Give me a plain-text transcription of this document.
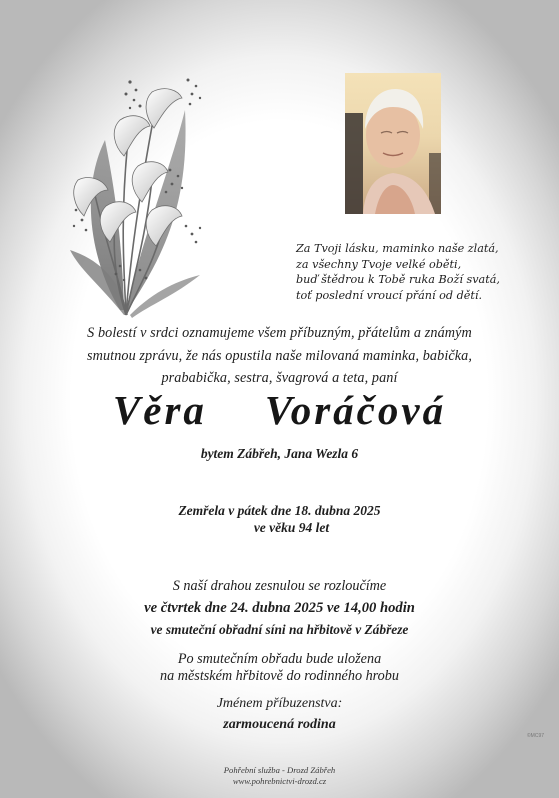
Za Tvoji lásku, maminko naše zlatá,
za všechny Tvoje velké oběti,
buď štědrou k Tobě ruka Boží svatá,
toť poslední vroucí přání od dětí.
S bolestí v srdci oznamujeme všem příbuzným, přátelům a známým
smutnou zprávu, že nás opustila naše milovaná maminka, babička,
prababička, sestra, švagrová a teta, paní
Věra Voráčová
bytem Zábřeh, Jana Wezla 6
Zemřela v pátek dne 18. dubna 2025
ve věku 94 let
S naší drahou zesnulou se rozloučíme
ve čtvrtek dne 24. dubna 2025 ve 14,00 hodin
ve smuteční obřadní síni na hřbitově v Zábřeze
Po smutečním obřadu bude uložena
na městském hřbitově do rodinného hrobu
Jménem příbuzenstva:
zarmoucená rodina
©MC97
Pohřební služba - Drozd Zábřeh
www.pohrebnictvi-drozd.cz
